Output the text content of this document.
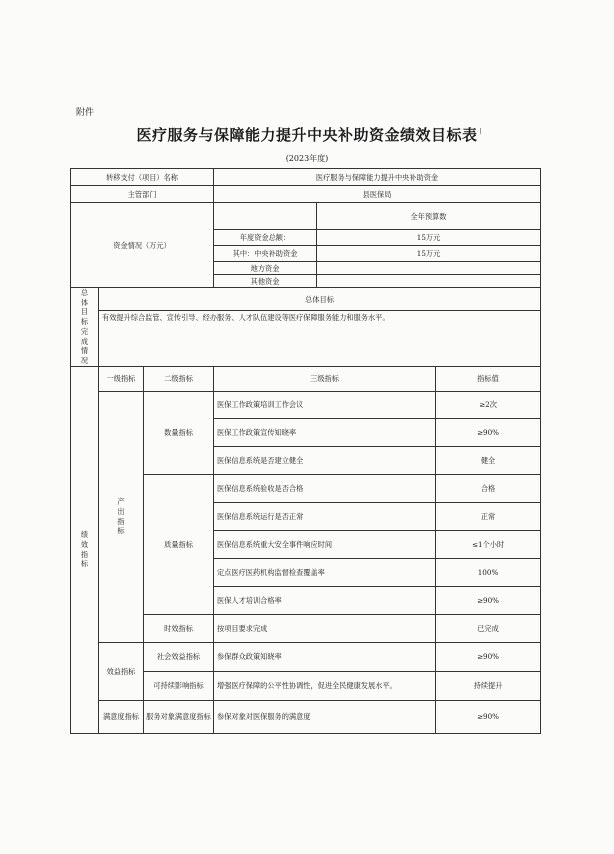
附件
医疗服务与保障能力提升中央补助资金绩效目标表
(2023年度)
转移支付（项目）名称			医疗服务与保障能力提升中央补助资金		
主管部门			县医保局		
资金情况（万元）				全年预算数	
			年度资金总额：	15万元	
			其中：中央补助资金	15万元	
			地方资金		
			其他资金		
总体目标完成情况	总体目标				
	有效提升综合监管、宣传引导、经办服务、人才队伍建设等医疗保障服务能力和服务水平。				
绩效指标	一级指标	二级指标	三级指标		指标值
	产出指标	数量指标	医保工作政策培训工作会议		≥2次
			医保工作政策宣传知晓率		≥90%
			医保信息系统是否建立健全		健全
		质量指标	医保信息系统验收是否合格		合格
			医保信息系统运行是否正常		正常
			医保信息系统重大安全事件响应时间		≤1个小时
			定点医疗医药机构监督检查覆盖率		100%
			医保人才培训合格率		≥90%
		时效指标	按项目要求完成		已完成
	效益指标	社会效益指标	参保群众政策知晓率		≥90%
		可持续影响指标	增强医疗保障的公平性协调性，促进全民健康发展水平。		持续提升
	满意度指标	服务对象满意度指标	参保对象对医保服务的满意度		≥90%
